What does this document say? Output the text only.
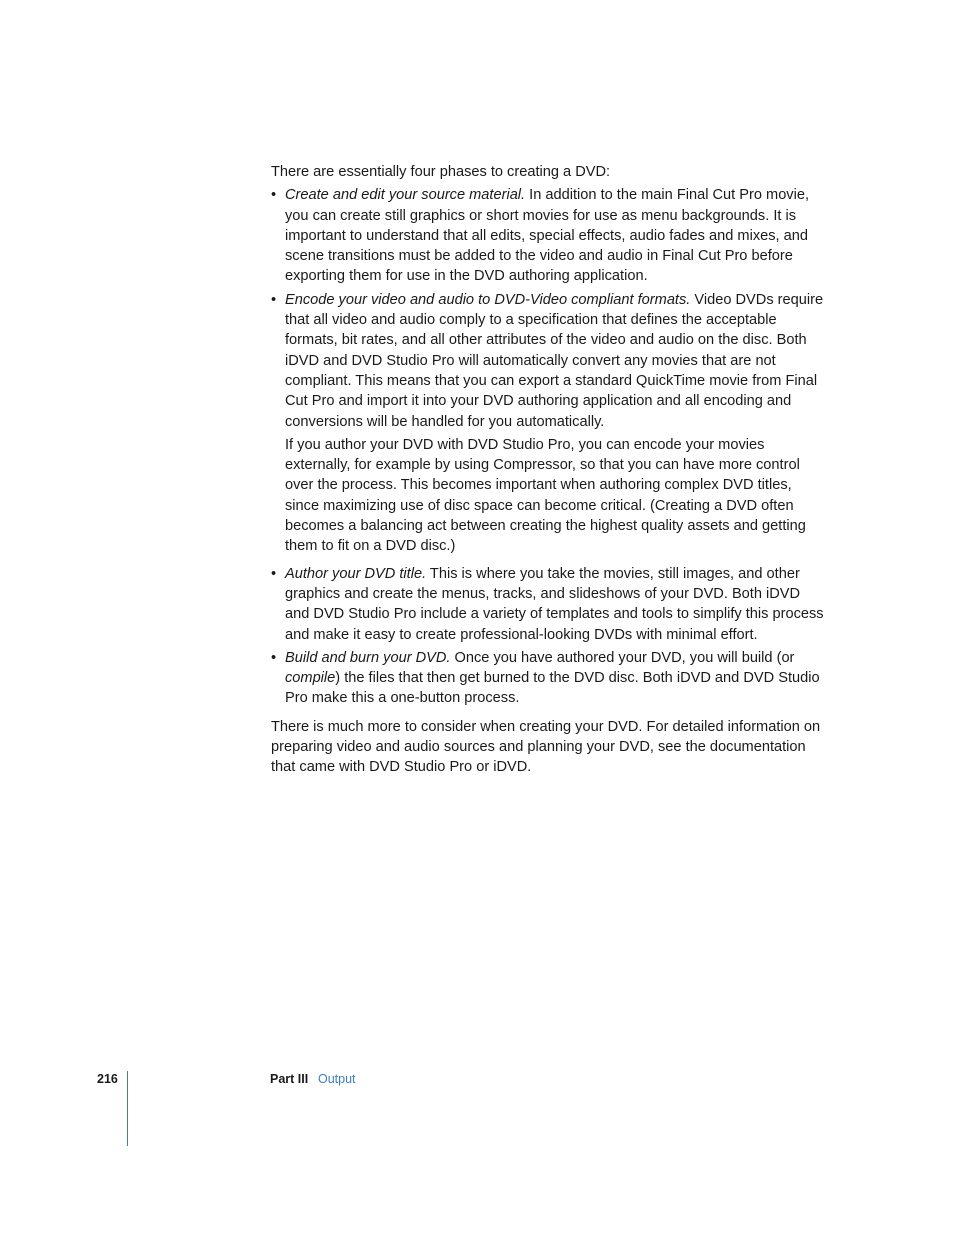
There are essentially four phases to creating a DVD:

• Create and edit your source material. In addition to the main Final Cut Pro movie, you can create still graphics or short movies for use as menu backgrounds. It is important to understand that all edits, special effects, audio fades and mixes, and scene transitions must be added to the video and audio in Final Cut Pro before exporting them for use in the DVD authoring application.

• Encode your video and audio to DVD-Video compliant formats. Video DVDs require that all video and audio comply to a specification that defines the acceptable formats, bit rates, and all other attributes of the video and audio on the disc. Both iDVD and DVD Studio Pro will automatically convert any movies that are not compliant. This means that you can export a standard QuickTime movie from Final Cut Pro and import it into your DVD authoring application and all encoding and conversions will be handled for you automatically.

If you author your DVD with DVD Studio Pro, you can encode your movies externally, for example by using Compressor, so that you can have more control over the process. This becomes important when authoring complex DVD titles, since maximizing use of disc space can become critical. (Creating a DVD often becomes a balancing act between creating the highest quality assets and getting them to fit on a DVD disc.)

• Author your DVD title. This is where you take the movies, still images, and other graphics and create the menus, tracks, and slideshows of your DVD. Both iDVD and DVD Studio Pro include a variety of templates and tools to simplify this process and make it easy to create professional-looking DVDs with minimal effort.

• Build and burn your DVD. Once you have authored your DVD, you will build (or compile) the files that then get burned to the DVD disc. Both iDVD and DVD Studio Pro make this a one-button process.

There is much more to consider when creating your DVD. For detailed information on preparing video and audio sources and planning your DVD, see the documentation that came with DVD Studio Pro or iDVD.

216	Part III Output
